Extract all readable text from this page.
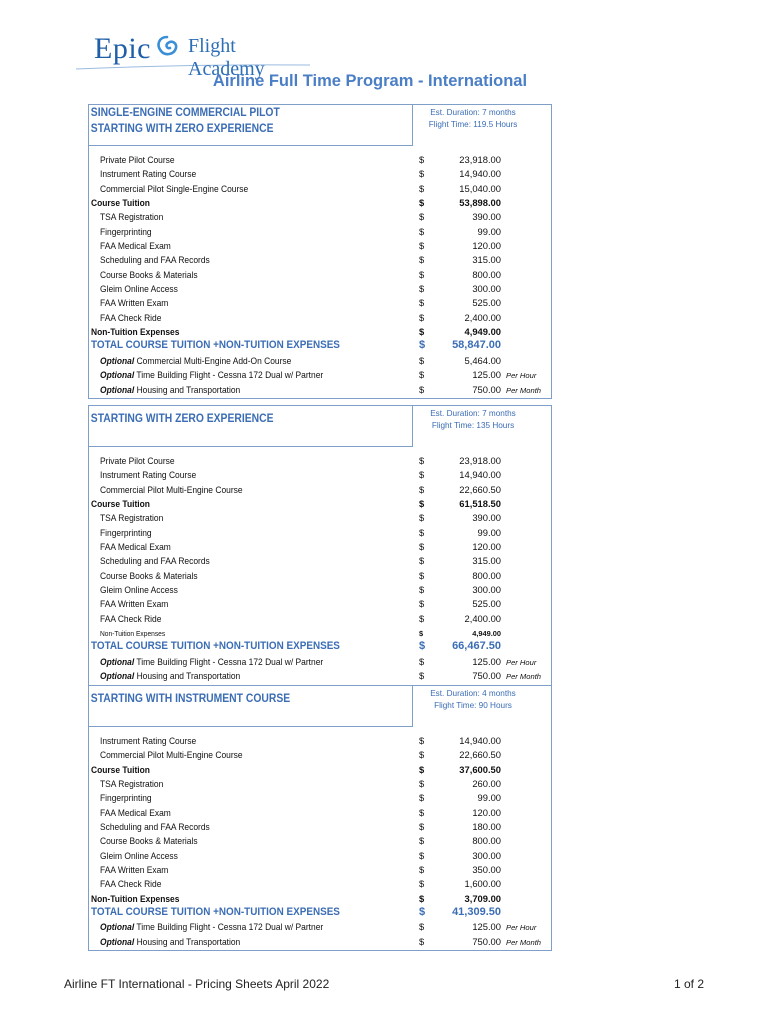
Epic Flight Academy
Airline Full Time Program - International
SINGLE-ENGINE COMMERCIAL PILOT
STARTING WITH ZERO EXPERIENCE
Est. Duration: 7 months
Flight Time: 119.5 Hours
Private Pilot Course	$	23,918.00
Instrument Rating Course	$	14,940.00
Commercial Pilot Single-Engine Course	$	15,040.00
Course Tuition	$	53,898.00
TSA Registration	$	390.00
Fingerprinting	$	99.00
FAA Medical Exam	$	120.00
Scheduling and FAA Records	$	315.00
Course Books & Materials	$	800.00
Gleim Online Access	$	300.00
FAA Written Exam	$	525.00
FAA Check Ride	$	2,400.00
Non-Tuition Expenses	$	4,949.00
TOTAL COURSE TUITION +NON-TUITION EXPENSES	$ 58,847.00
Optional Commercial Multi-Engine Add-On Course	$	5,464.00
Optional Time Building Flight - Cessna 172 Dual w/ Partner	$	125.00 Per Hour
Optional Housing and Transportation	$	750.00 Per Month
STARTING WITH ZERO EXPERIENCE	Est. Duration: 7 months
Flight Time: 135 Hours
Private Pilot Course	$	23,918.00
Instrument Rating Course	$	14,940.00
Commercial Pilot Multi-Engine Course	$	22,660.50
Course Tuition	$	61,518.50
TSA Registration	$	390.00
Fingerprinting	$	99.00
FAA Medical Exam	$	120.00
Scheduling and FAA Records	$	315.00
Course Books & Materials	$	800.00
Gleim Online Access	$	300.00
FAA Written Exam	$	525.00
FAA Check Ride	$	2,400.00
Non-Tuition Expenses	$	4,949.00
TOTAL COURSE TUITION +NON-TUITION EXPENSES	$ 66,467.50
Optional Time Building Flight - Cessna 172 Dual w/ Partner	$	125.00 Per Hour
Optional Housing and Transportation	$	750.00 Per Month
STARTING WITH INSTRUMENT COURSE	Est. Duration: 4 months
Flight Time: 90 Hours
Instrument Rating Course	$	14,940.00
Commercial Pilot Multi-Engine Course	$	22,660.50
Course Tuition	$	37,600.50
TSA Registration	$	260.00
Fingerprinting	$	99.00
FAA Medical Exam	$	120.00
Scheduling and FAA Records	$	180.00
Course Books & Materials	$	800.00
Gleim Online Access	$	300.00
FAA Written Exam	$	350.00
FAA Check Ride	$	1,600.00
Non-Tuition Expenses	$	3,709.00
TOTAL COURSE TUITION +NON-TUITION EXPENSES	$ 41,309.50
Optional Time Building Flight - Cessna 172 Dual w/ Partner	$	125.00 Per Hour
Optional Housing and Transportation	$	750.00 Per Month
Airline FT International - Pricing Sheets April 2022	1 of 2
